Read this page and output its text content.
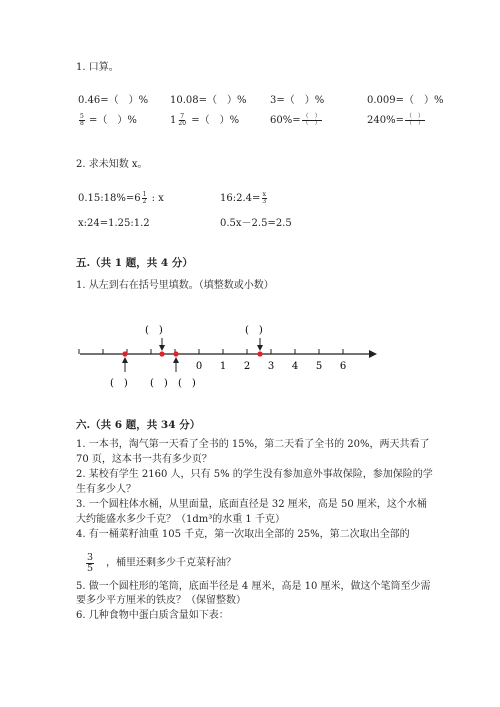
1. 口算。
0.46=（　）% 10.08=（　）% 3=（　）%	0.009=（　）%
$\frac{5}{8}$ =（　）%	$1 \frac{7}{20}$ =（　）%	$60\%= \frac{( )}{( )}$	$240\%= \frac{( )}{( )}$
2. 求未知数 x。
0.15:18%=6 $\frac{1}{2}$ : x	16:2.4= $\frac{x}{3}$
x:24=1.25:1.2	0.5x－2.5=2.5
五.（共 1 题，共 4 分）
1. 从左到右在括号里填数。（填整数或小数）
0 1 2 3 4 5 6
(　)	(　)
(　) (　) (　)
六.（共 6 题，共 34 分）
1. 一本书，淘气第一天看了全书的 15%，第二天看了全书的 20%，两天共看了
70 页，这本书一共有多少页？
2. 某校有学生 2160 人，只有 5% 的学生没有参加意外事故保险，参加保险的学
生有多少人？
3. 一个圆柱体水桶，从里面量，底面直径是 32 厘米，高是 50 厘米，这个水桶
大约能盛水多少千克？（1dm³的水重 1 千克）
4. 有一桶菜籽油重 105 千克，第一次取出全部的 25%，第二次取出全部的
$\frac{3}{5}$ ，桶里还剩多少千克菜籽油？
5. 做一个圆柱形的笔筒，底面半径是 4 厘米，高是 10 厘米，做这个笔筒至少需
要多少平方厘米的铁皮？（保留整数）
6. 几种食物中蛋白质含量如下表：
